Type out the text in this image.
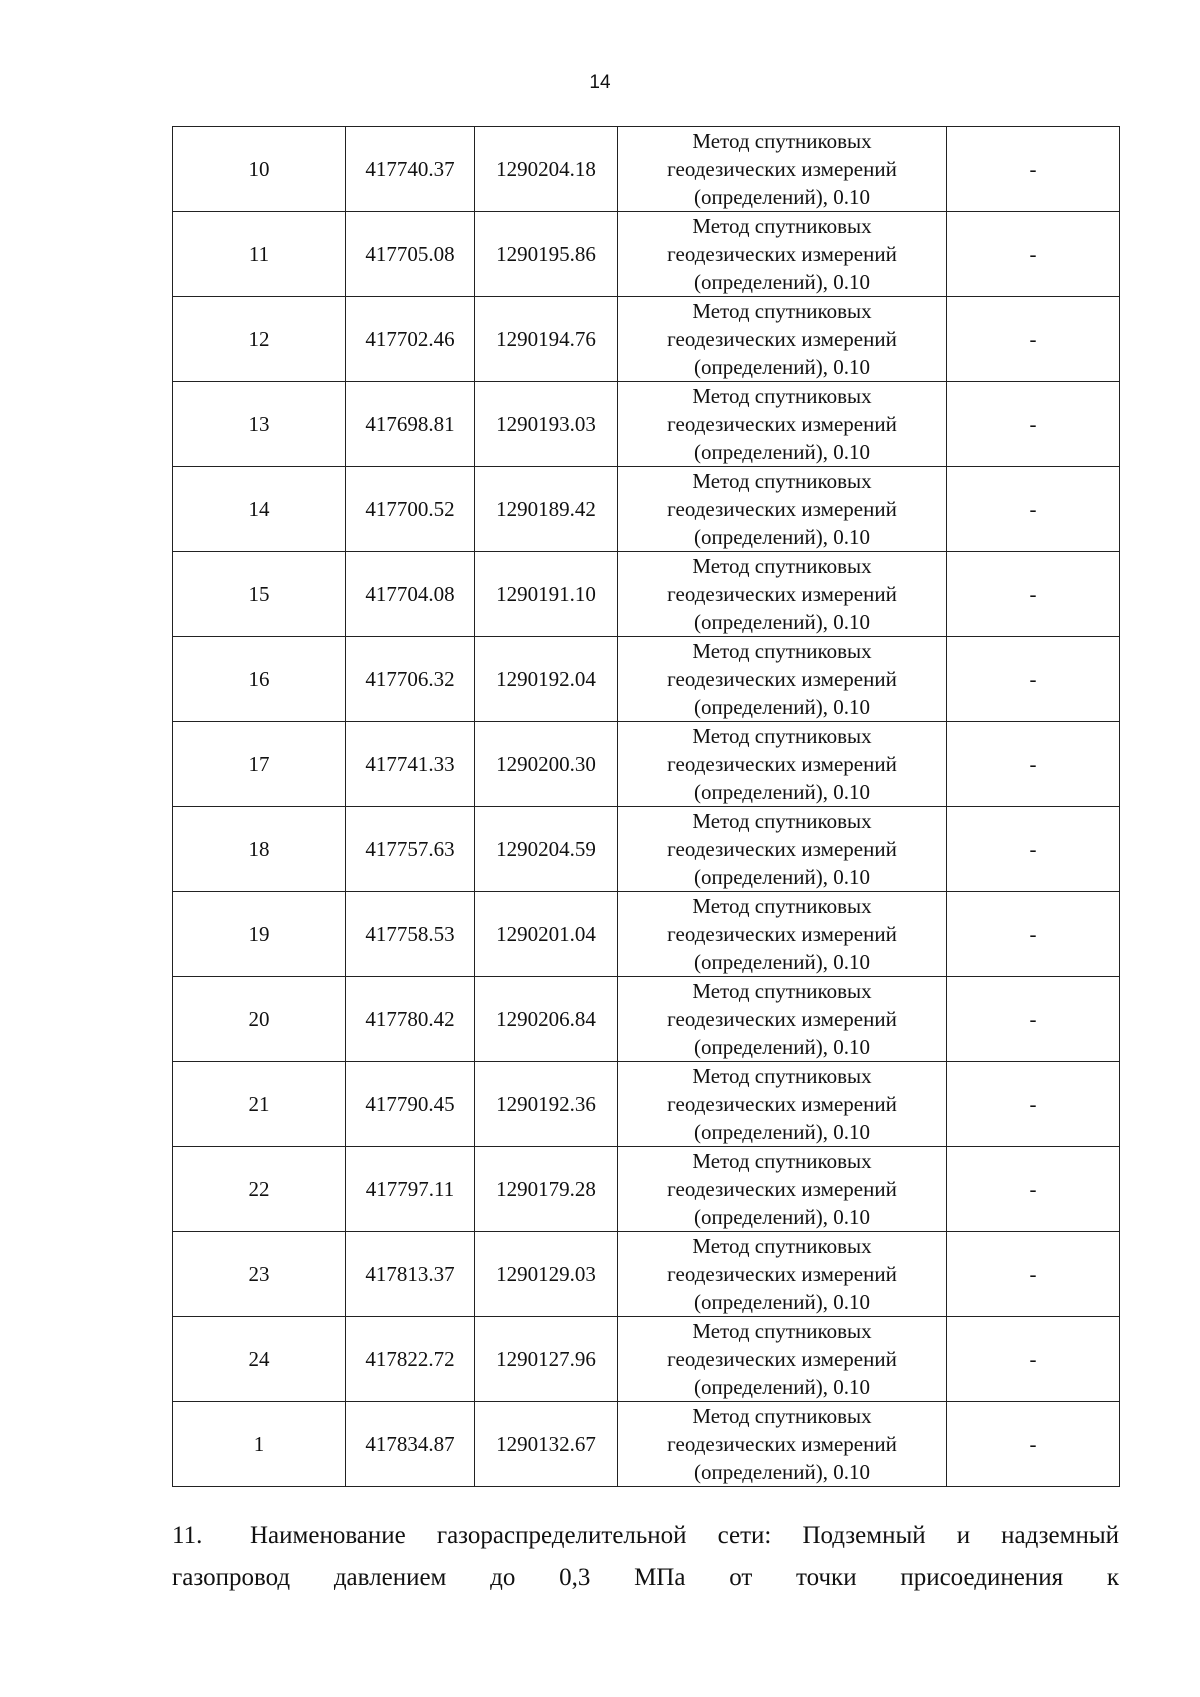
14
10	417740.37	1290204.18	Метод спутниковых
геодезических измерений
(определений), 0.10	-
11	417705.08	1290195.86	Метод спутниковых
геодезических измерений
(определений), 0.10	-
12	417702.46	1290194.76	Метод спутниковых
геодезических измерений
(определений), 0.10	-
13	417698.81	1290193.03	Метод спутниковых
геодезических измерений
(определений), 0.10	-
14	417700.52	1290189.42	Метод спутниковых
геодезических измерений
(определений), 0.10	-
15	417704.08	1290191.10	Метод спутниковых
геодезических измерений
(определений), 0.10	-
16	417706.32	1290192.04	Метод спутниковых
геодезических измерений
(определений), 0.10	-
17	417741.33	1290200.30	Метод спутниковых
геодезических измерений
(определений), 0.10	-
18	417757.63	1290204.59	Метод спутниковых
геодезических измерений
(определений), 0.10	-
19	417758.53	1290201.04	Метод спутниковых
геодезических измерений
(определений), 0.10	-
20	417780.42	1290206.84	Метод спутниковых
геодезических измерений
(определений), 0.10	-
21	417790.45	1290192.36	Метод спутниковых
геодезических измерений
(определений), 0.10	-
22	417797.11	1290179.28	Метод спутниковых
геодезических измерений
(определений), 0.10	-
23	417813.37	1290129.03	Метод спутниковых
геодезических измерений
(определений), 0.10	-
24	417822.72	1290127.96	Метод спутниковых
геодезических измерений
(определений), 0.10	-
1	417834.87	1290132.67	Метод спутниковых
геодезических измерений
(определений), 0.10	-
11.	Наименование газораспределительной сети: Подземный и надземный
газопровод давлением до 0,3 МПа от точки присоединения к
